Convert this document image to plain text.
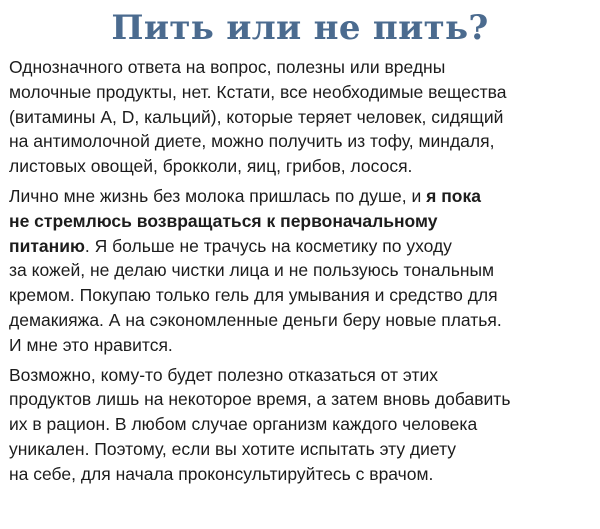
Пить или не пить?

Однозначного ответа на вопрос, полезны или вредны
молочные продукты, нет. Кстати, все необходимые вещества
(витамины A, D, кальций), которые теряет человек, сидящий
на антимолочной диете, можно получить из тофу, миндаля,
листовых овощей, брокколи, яиц, грибов, лосося.

Лично мне жизнь без молока пришлась по душе, и я пока
не стремлюсь возвращаться к первоначальному
питанию. Я больше не трачусь на косметику по уходу
за кожей, не делаю чистки лица и не пользуюсь тональным
кремом. Покупаю только гель для умывания и средство для
демакияжа. А на сэкономленные деньги беру новые платья.
И мне это нравится.

Возможно, кому-то будет полезно отказаться от этих
продуктов лишь на некоторое время, а затем вновь добавить
их в рацион. В любом случае организм каждого человека
уникален. Поэтому, если вы хотите испытать эту диету
на себе, для начала проконсультируйтесь с врачом.
